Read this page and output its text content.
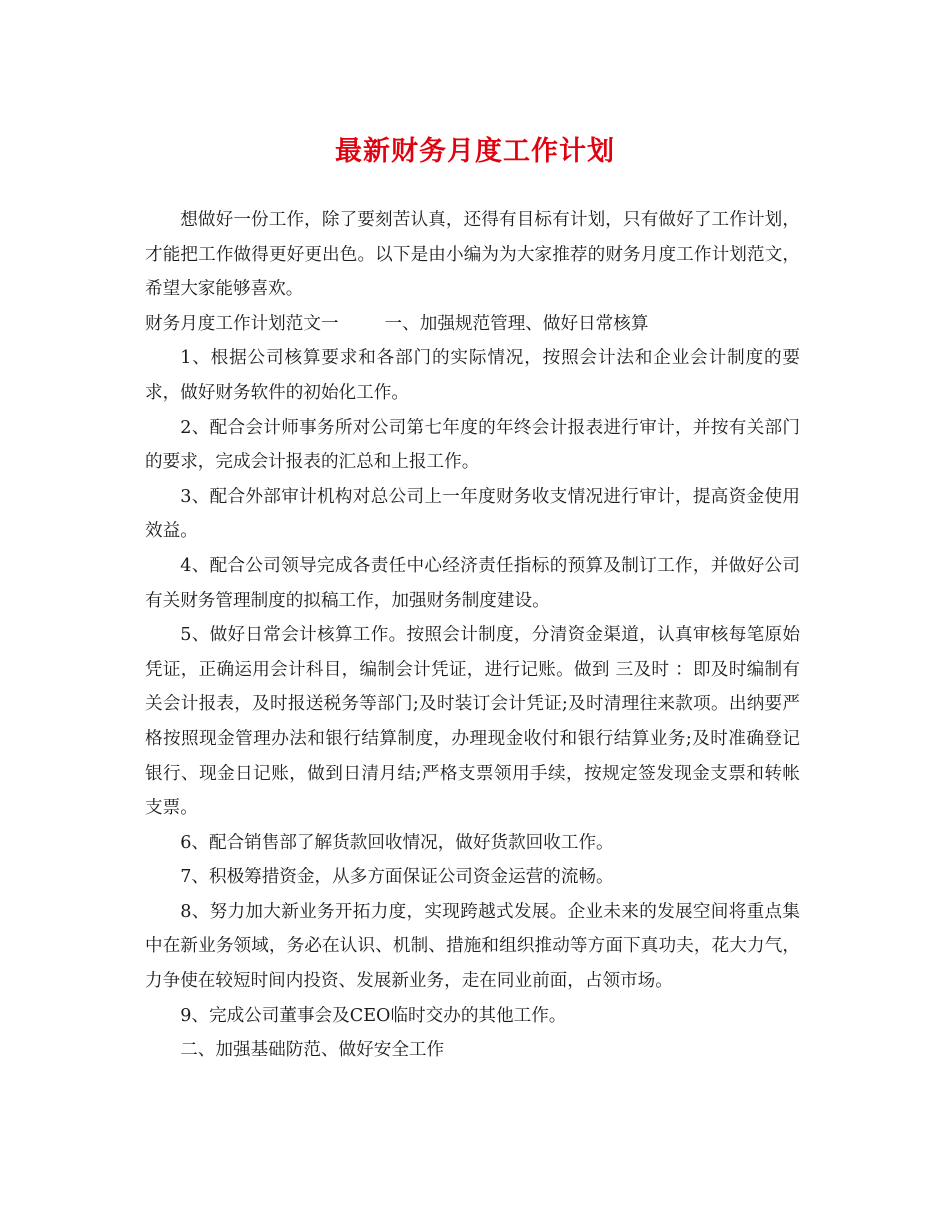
最新财务月度工作计划

想做好一份工作，除了要刻苦认真，还得有目标有计划，只有做好了工作计划，才能把工作做得更好更出色。以下是由小编为为大家推荐的财务月度工作计划范文，希望大家能够喜欢。

财务月度工作计划范文一	一、加强规范管理、做好日常核算

1、根据公司核算要求和各部门的实际情况，按照会计法和企业会计制度的要求，做好财务软件的初始化工作。

2、配合会计师事务所对公司第七年度的年终会计报表进行审计，并按有关部门的要求，完成会计报表的汇总和上报工作。

3、配合外部审计机构对总公司上一年度财务收支情况进行审计，提高资金使用效益。

4、配合公司领导完成各责任中心经济责任指标的预算及制订工作，并做好公司有关财务管理制度的拟稿工作，加强财务制度建设。

5、做好日常会计核算工作。按照会计制度，分清资金渠道，认真审核每笔原始凭证，正确运用会计科目，编制会计凭证，进行记账。做到 三及时 ：即及时编制有关会计报表，及时报送税务等部门;及时装订会计凭证;及时清理往来款项。出纳要严格按照现金管理办法和银行结算制度，办理现金收付和银行结算业务;及时准确登记银行、现金日记账，做到日清月结;严格支票领用手续，按规定签发现金支票和转帐支票。

6、配合销售部了解货款回收情况，做好货款回收工作。

7、积极筹措资金，从多方面保证公司资金运营的流畅。

8、努力加大新业务开拓力度，实现跨越式发展。企业未来的发展空间将重点集中在新业务领域，务必在认识、机制、措施和组织推动等方面下真功夫，花大力气，力争使在较短时间内投资、发展新业务，走在同业前面，占领市场。

9、完成公司董事会及CEO临时交办的其他工作。

二、加强基础防范、做好安全工作
